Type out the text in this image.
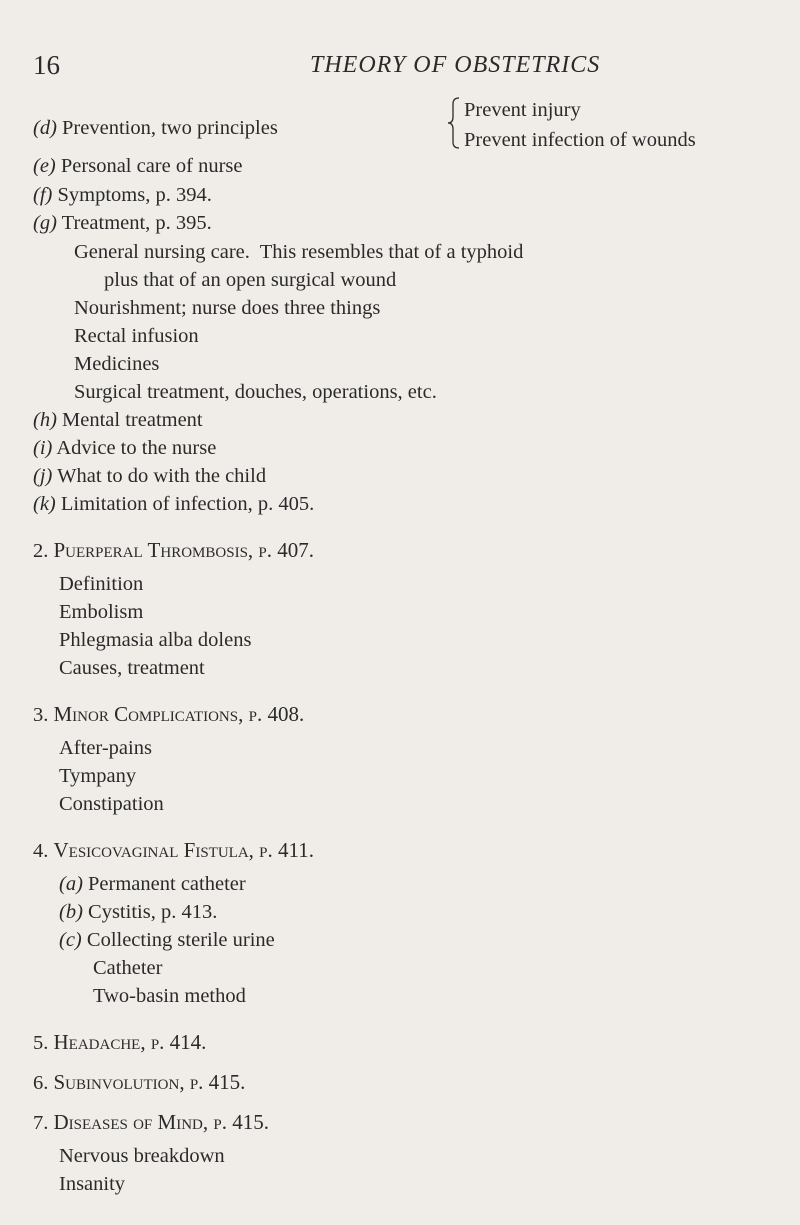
16	THEORY OF OBSTETRICS
(d) Prevention, two principles
Prevent injury
Prevent infection of wounds
(e) Personal care of nurse
(f) Symptoms, p. 394.
(g) Treatment, p. 395.
General nursing care.  This resembles that of a typhoid
plus that of an open surgical wound
Nourishment; nurse does three things
Rectal infusion
Medicines
Surgical treatment, douches, operations, etc.
(h) Mental treatment
(i) Advice to the nurse
(j) What to do with the child
(k) Limitation of infection, p. 405.
2. Puerperal Thrombosis, p. 407.
Definition
Embolism
Phlegmasia alba dolens
Causes, treatment
3. Minor Complications, p. 408.
After-pains
Tympany
Constipation
4. Vesicovaginal Fistula, p. 411.
(a) Permanent catheter
(b) Cystitis, p. 413.
(c) Collecting sterile urine
Catheter
Two-basin method
5. Headache, p. 414.
6. Subinvolution, p. 415.
7. Diseases of Mind, p. 415.
Nervous breakdown
Insanity
